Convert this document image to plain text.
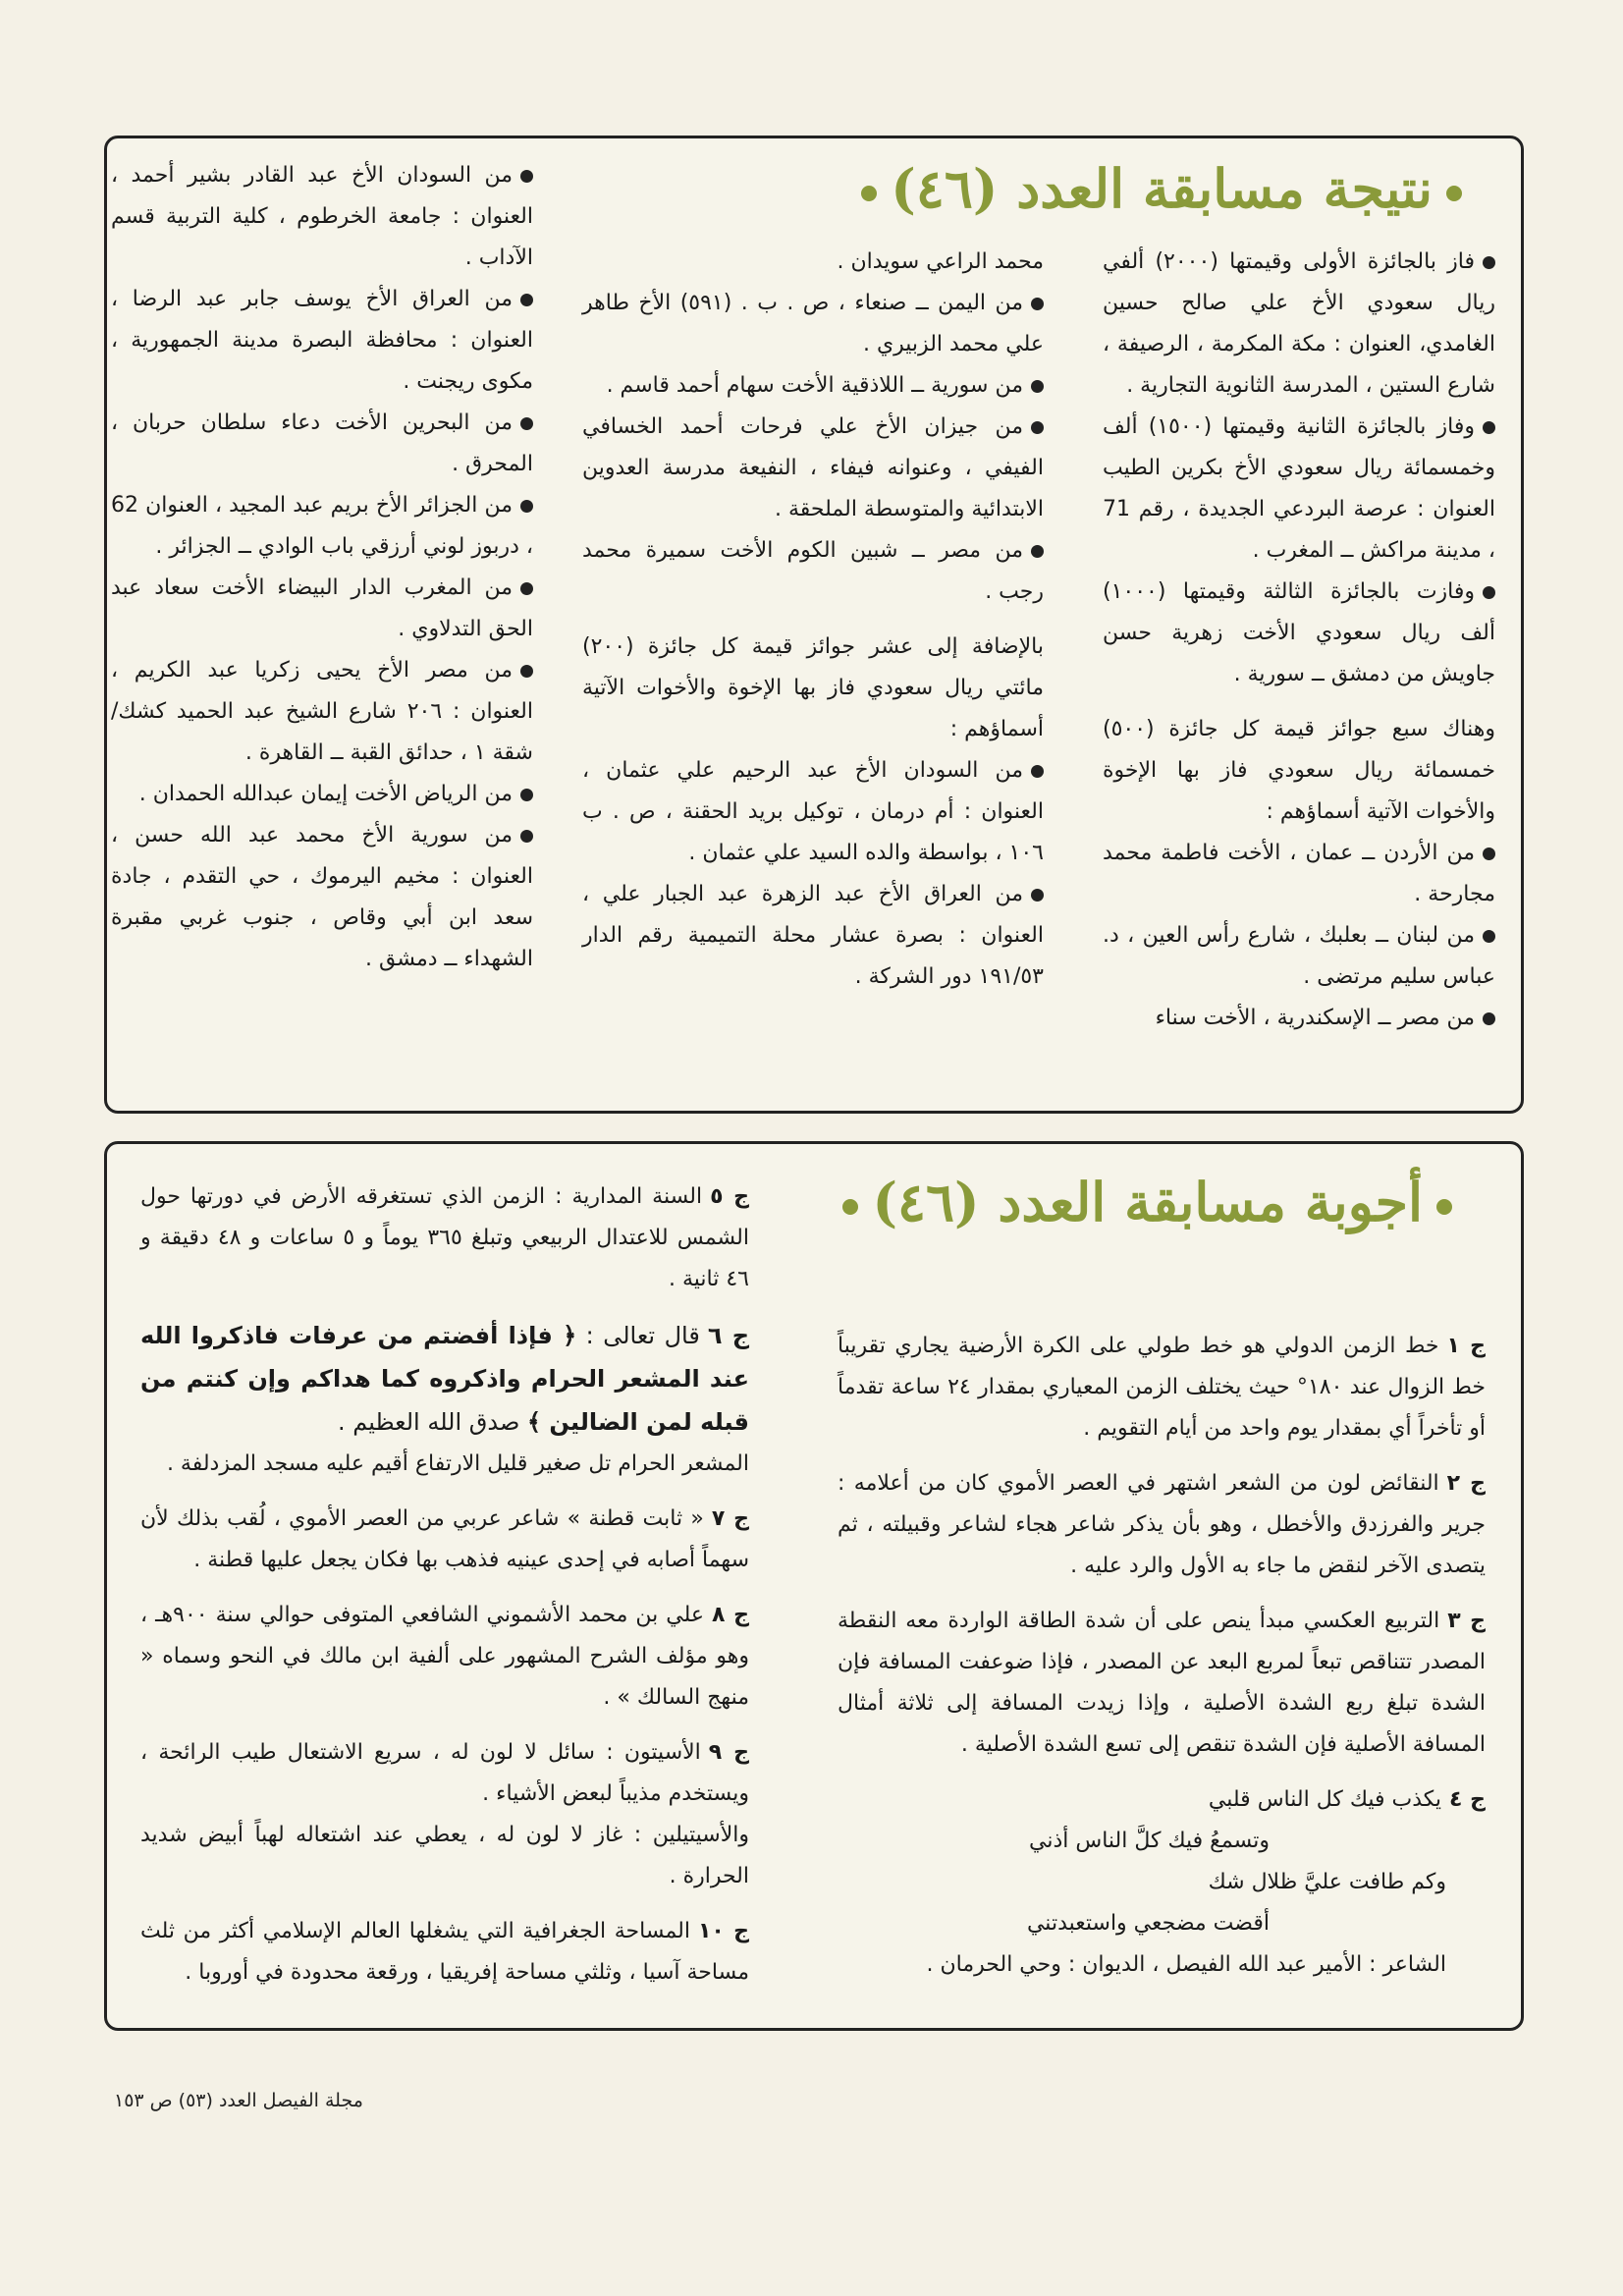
نتيجة مسابقة العدد (٤٦)
فاز بالجائزة الأولى وقيمتها (٢٠٠٠) ألفي ريال سعودي الأخ علي صالح حسين الغامدي، العنوان : مكة المكرمة ، الرصيفة ، شارع الستين ، المدرسة الثانوية التجارية .
وفاز بالجائزة الثانية وقيمتها (١٥٠٠) ألف وخمسمائة ريال سعودي الأخ بكرين الطيب العنوان : عرصة البردعي الجديدة ، رقم 71 ، مدينة مراكش ــ المغرب .
وفازت بالجائزة الثالثة وقيمتها (١٠٠٠) ألف ريال سعودي الأخت زهرية حسن جاويش من دمشق ــ سورية .
وهناك سبع جوائز قيمة كل جائزة (٥٠٠) خمسمائة ريال سعودي فاز بها الإخوة والأخوات الآتية أسماؤهم :
من الأردن ــ عمان ، الأخت فاطمة محمد مجارحة .
من لبنان ــ بعلبك ، شارع رأس العين ، د. عباس سليم مرتضى .
من مصر ــ الإسكندرية ، الأخت سناء
محمد الراعي سويدان .
من اليمن ــ صنعاء ، ص . ب . (٥٩١) الأخ طاهر علي محمد الزبيري .
من سورية ــ اللاذقية الأخت سهام أحمد قاسم .
من جيزان الأخ علي فرحات أحمد الخسافي الفيفي ، وعنوانه فيفاء ، النفيعة مدرسة العدوين الابتدائية والمتوسطة الملحقة .
من مصر ــ شبين الكوم الأخت سميرة محمد رجب .
بالإضافة إلى عشر جوائز قيمة كل جائزة (٢٠٠) مائتي ريال سعودي فاز بها الإخوة والأخوات الآتية أسماؤهم :
من السودان الأخ عبد الرحيم علي عثمان ، العنوان : أم درمان ، توكيل بريد الحقنة ، ص . ب ١٠٦ ، بواسطة والده السيد علي عثمان .
من العراق الأخ عبد الزهرة عبد الجبار علي ، العنوان : بصرة عشار محلة التميمية رقم الدار ١٩١/٥٣ دور الشركة .
من السودان الأخ عبد القادر بشير أحمد ، العنوان : جامعة الخرطوم ، كلية التربية قسم الآداب .
من العراق الأخ يوسف جابر عبد الرضا ، العنوان : محافظة البصرة مدينة الجمهورية ، مكوى ريجنت .
من البحرين الأخت دعاء سلطان حربان ، المحرق .
من الجزائر الأخ بريم عبد المجيد ، العنوان 62 ، دربوز لوني أرزقي باب الوادي ــ الجزائر .
من المغرب الدار البيضاء الأخت سعاد عبد الحق التدلاوي .
من مصر الأخ يحيى زكريا عبد الكريم ، العنوان : ٢٠٦ شارع الشيخ عبد الحميد كشك/شقة ١ ، حدائق القبة ــ القاهرة .
من الرياض الأخت إيمان عبدالله الحمدان .
من سورية الأخ محمد عبد الله حسن ، العنوان : مخيم اليرموك ، حي التقدم ، جادة سعد ابن أبي وقاص ، جنوب غربي مقبرة الشهداء ــ دمشق .
أجوبة مسابقة العدد (٤٦)

ج ١خط الزمن الدولي هو خط طولي على الكرة الأرضية يجاري تقريباً خط الزوال عند ١٨٠° حيث يختلف الزمن المعياري بمقدار ٢٤ ساعة تقدماً أو تأخراً أي بمقدار يوم واحد من أيام التقويم .

ج ٢النقائض لون من الشعر اشتهر في العصر الأموي كان من أعلامه : جرير والفرزدق والأخطل ، وهو بأن يذكر شاعر هجاء لشاعر وقبيلته ، ثم يتصدى الآخر لنقض ما جاء به الأول والرد عليه .

ج ٣التربيع العكسي مبدأ ينص على أن شدة الطاقة الواردة معه النقطة المصدر تتناقص تبعاً لمربع البعد عن المصدر ، فإذا ضوعفت المسافة فإن الشدة تبلغ ربع الشدة الأصلية ، وإذا زيدت المسافة إلى ثلاثة أمثال المسافة الأصلية فإن الشدة تنقص إلى تسع الشدة الأصلية .

ج ٤يكذب فيك كل الناس قلبي
وتسمعُ فيك كلَّ الناس أذني
وكم طافت عليَّ ظلال شك
أقضت مضجعي واستعبدتني
الشاعر : الأمير عبد الله الفيصل ، الديوان : وحي الحرمان .

ج ٥السنة المدارية : الزمن الذي تستغرقه الأرض في دورتها حول الشمس للاعتدال الربيعي وتبلغ ٣٦٥ يوماً و ٥ ساعات و ٤٨ دقيقة و ٤٦ ثانية .

ج ٦قال تعالى : ﴿ فإذا أفضتم من عرفات فاذكروا الله عند المشعر الحرام واذكروه كما هداكم وإن كنتم من قبله لمن الضالين ﴾ صدق الله العظيم .

المشعر الحرام تل صغير قليل الارتفاع أقيم عليه مسجد المزدلفة .

ج ٧« ثابت قطنة » شاعر عربي من العصر الأموي ، لُقب بذلك لأن سهماً أصابه في إحدى عينيه فذهب بها فكان يجعل عليها قطنة .

ج ٨علي بن محمد الأشموني الشافعي المتوفى حوالي سنة ٩٠٠هـ ، وهو مؤلف الشرح المشهور على ألفية ابن مالك في النحو وسماه « منهج السالك » .

ج ٩الأسيتون : سائل لا لون له ، سريع الاشتعال طيب الرائحة ، ويستخدم مذيباً لبعض الأشياء .

والأسيتيلين : غاز لا لون له ، يعطي عند اشتعاله لهباً أبيض شديد الحرارة .

ج ١٠المساحة الجغرافية التي يشغلها العالم الإسلامي أكثر من ثلث مساحة آسيا ، وثلثي مساحة إفريقيا ، ورقعة محدودة في أوروبا .

مجلة الفيصل العدد (٥٣) ص ١٥٣
